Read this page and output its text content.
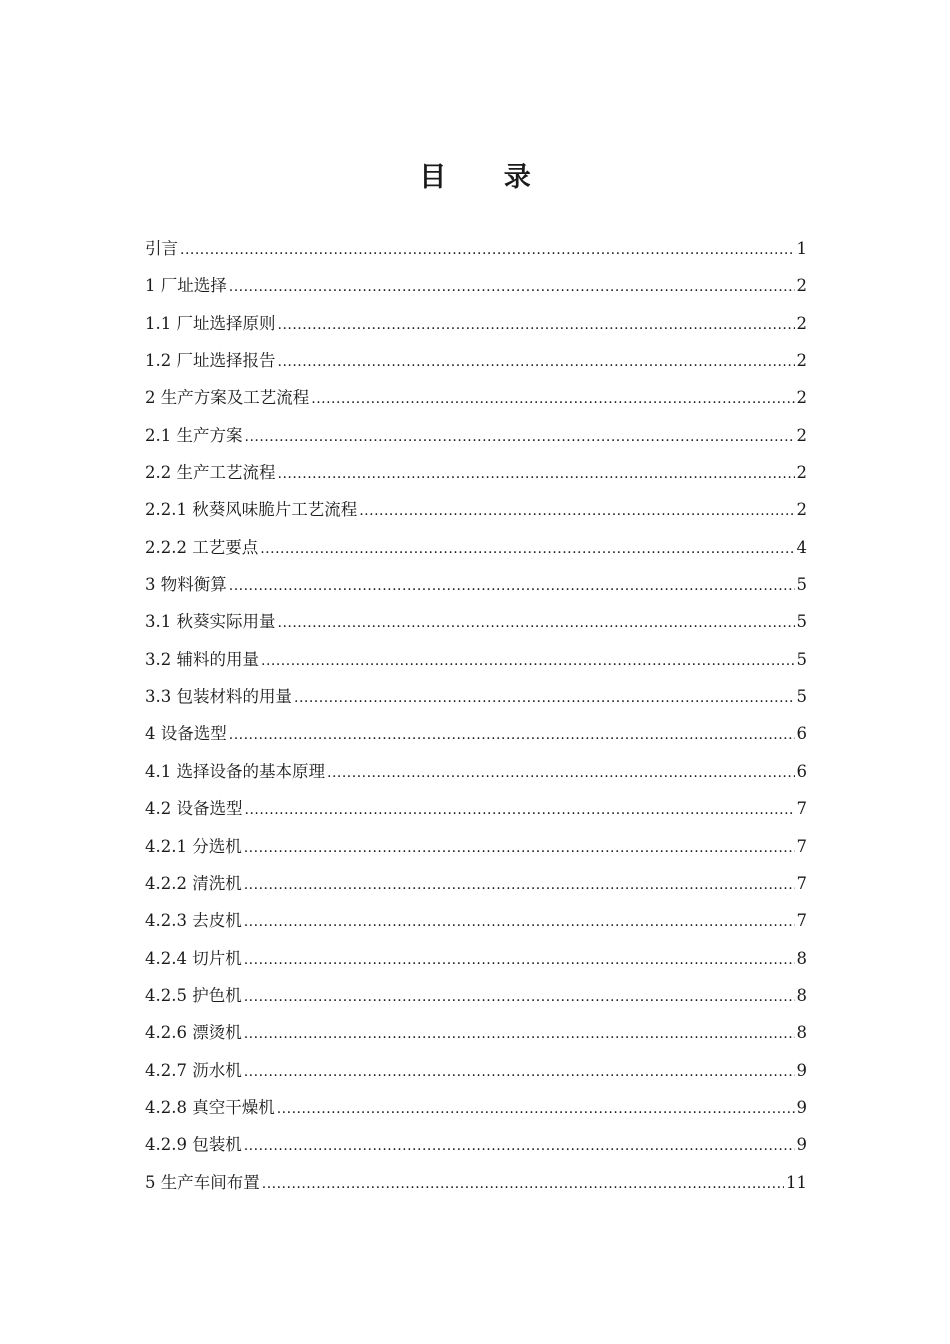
目 录
引言 .....	1
1 厂址选择 .....	2
1.1 厂址选择原则 .....	2
1.2 厂址选择报告 .....	2
2 生产方案及工艺流程 .....	2
2.1 生产方案 .....	2
2.2 生产工艺流程 .....	2
2.2.1 秋葵风味脆片工艺流程 .....	2
2.2.2 工艺要点 .....	4
3 物料衡算 .....	5
3.1 秋葵实际用量 .....	5
3.2 辅料的用量 .....	5
3.3 包装材料的用量 .....	5
4 设备选型 .....	6
4.1 选择设备的基本原理 .....	6
4.2 设备选型 .....	7
4.2.1 分选机 .....	7
4.2.2 清洗机 .....	7
4.2.3 去皮机 .....	7
4.2.4 切片机 .....	8
4.2.5 护色机 .....	8
4.2.6 漂烫机 .....	8
4.2.7 沥水机 .....	9
4.2.8 真空干燥机 .....	9
4.2.9 包装机 .....	9
5 生产车间布置 .....	11
